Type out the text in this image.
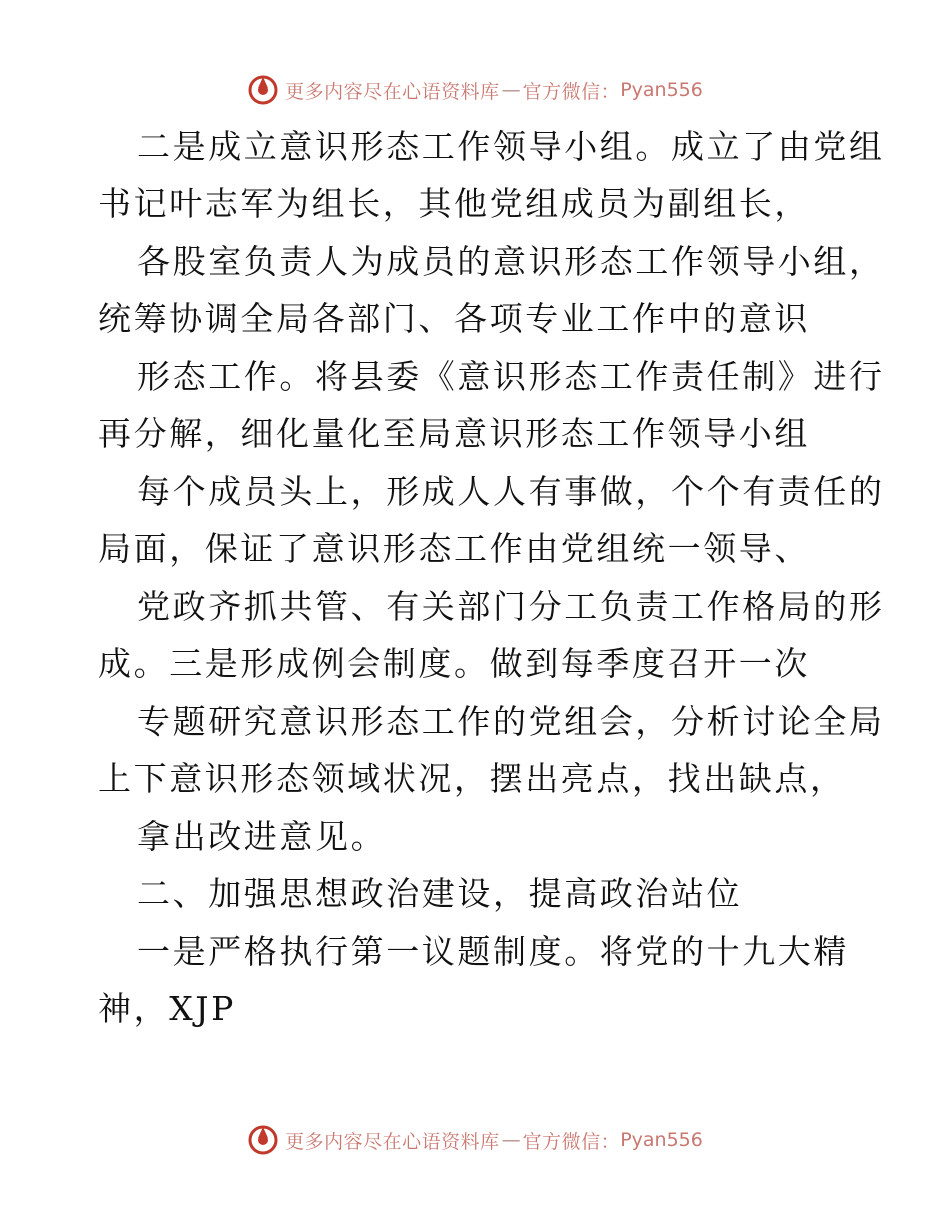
更多内容尽在心语资料库 — 官方微信： Pyan556
二是成立意识形态工作领导小组。成立了由党组
书记叶志军为组长，其他党组成员为副组长，
各股室负责人为成员的意识形态工作领导小组，
统筹协调全局各部门、各项专业工作中的意识
形态工作。将县委《意识形态工作责任制》进行
再分解，细化量化至局意识形态工作领导小组
每个成员头上，形成人人有事做，个个有责任的
局面，保证了意识形态工作由党组统一领导、
党政齐抓共管、有关部门分工负责工作格局的形
成。三是形成例会制度。做到每季度召开一次
专题研究意识形态工作的党组会，分析讨论全局
上下意识形态领域状况，摆出亮点，找出缺点，
拿出改进意见。
二、加强思想政治建设，提高政治站位
一是严格执行第一议题制度。将党的十九大精
神，XJP
更多内容尽在心语资料库 — 官方微信： Pyan556
